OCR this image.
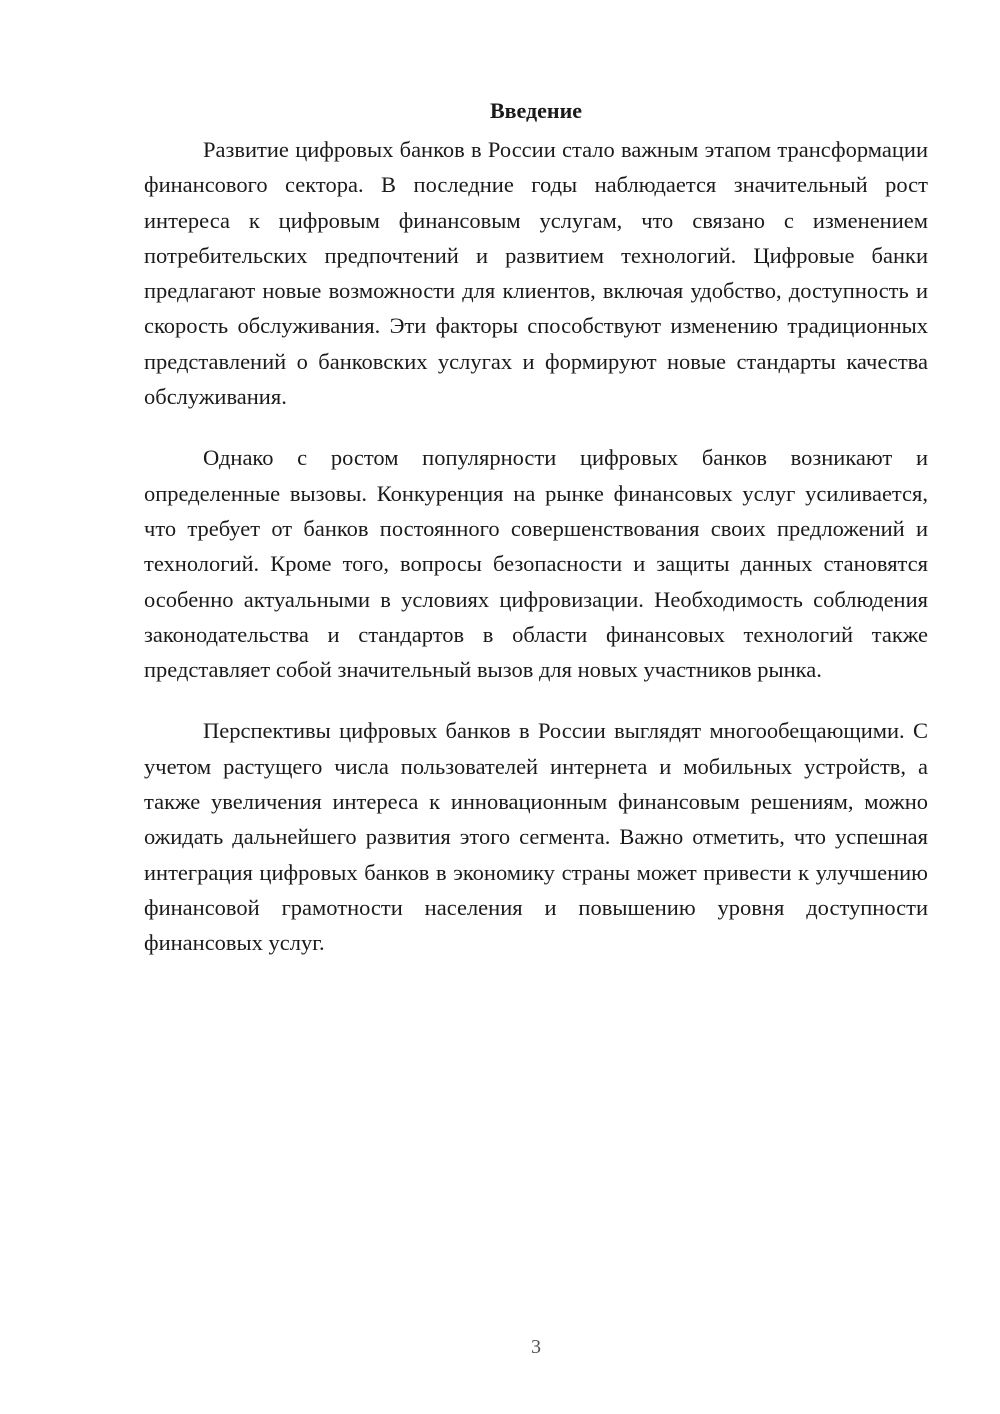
Введение

Развитие цифровых банков в России стало важным этапом трансформации финансового сектора. В последние годы наблюдается значительный рост интереса к цифровым финансовым услугам, что связано с изменением потребительских предпочтений и развитием технологий. Цифровые банки предлагают новые возможности для клиентов, включая удобство, доступность и скорость обслуживания. Эти факторы способствуют изменению традиционных представлений о банковских услугах и формируют новые стандарты качества обслуживания.

Однако с ростом популярности цифровых банков возникают и определенные вызовы. Конкуренция на рынке финансовых услуг усиливается, что требует от банков постоянного совершенствования своих предложений и технологий. Кроме того, вопросы безопасности и защиты данных становятся особенно актуальными в условиях цифровизации. Необходимость соблюдения законодательства и стандартов в области финансовых технологий также представляет собой значительный вызов для новых участников рынка.

Перспективы цифровых банков в России выглядят многообещающими. С учетом растущего числа пользователей интернета и мобильных устройств, а также увеличения интереса к инновационным финансовым решениям, можно ожидать дальнейшего развития этого сегмента. Важно отметить, что успешная интеграция цифровых банков в экономику страны может привести к улучшению финансовой грамотности населения и повышению уровня доступности финансовых услуг.

3
